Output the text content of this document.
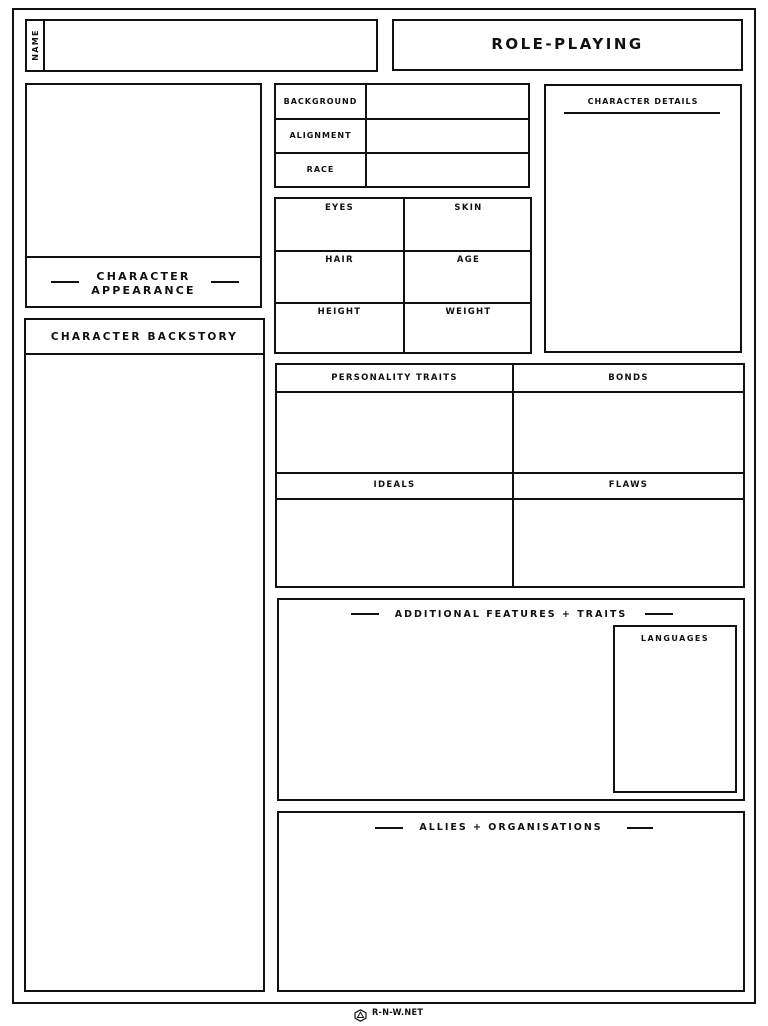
NAME	ROLE-PLAYING
CHARACTER
APPEARANCE
BACKGROUND
ALIGNMENT
RACE
EYES	SKIN
HAIR	AGE
HEIGHT	WEIGHT
CHARACTER DETAILS
CHARACTER BACKSTORY
PERSONALITY TRAITS	BONDS
IDEALS	FLAWS
ADDITIONAL FEATURES + TRAITS
LANGUAGES
ALLIES + ORGANISATIONS
R-N-W.NET
